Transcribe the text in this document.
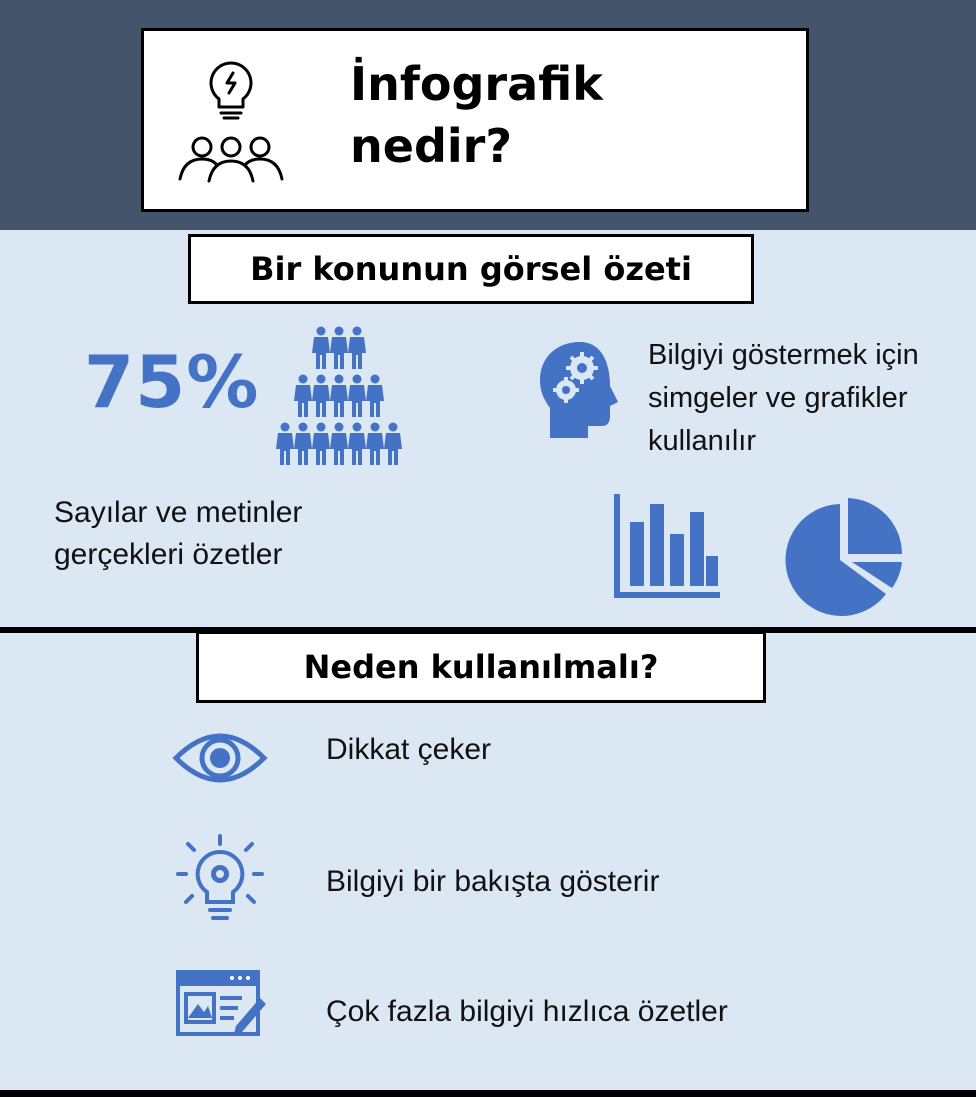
İnfografik
nedir?
Bir konunun görsel özeti
75%
Sayılar ve metinler gerçekleri özetler
Bilgiyi göstermek için simgeler ve grafikler kullanılır
Neden kullanılmalı?
Dikkat çeker
Bilgiyi bir bakışta gösterir
Çok fazla bilgiyi hızlıca özetler
